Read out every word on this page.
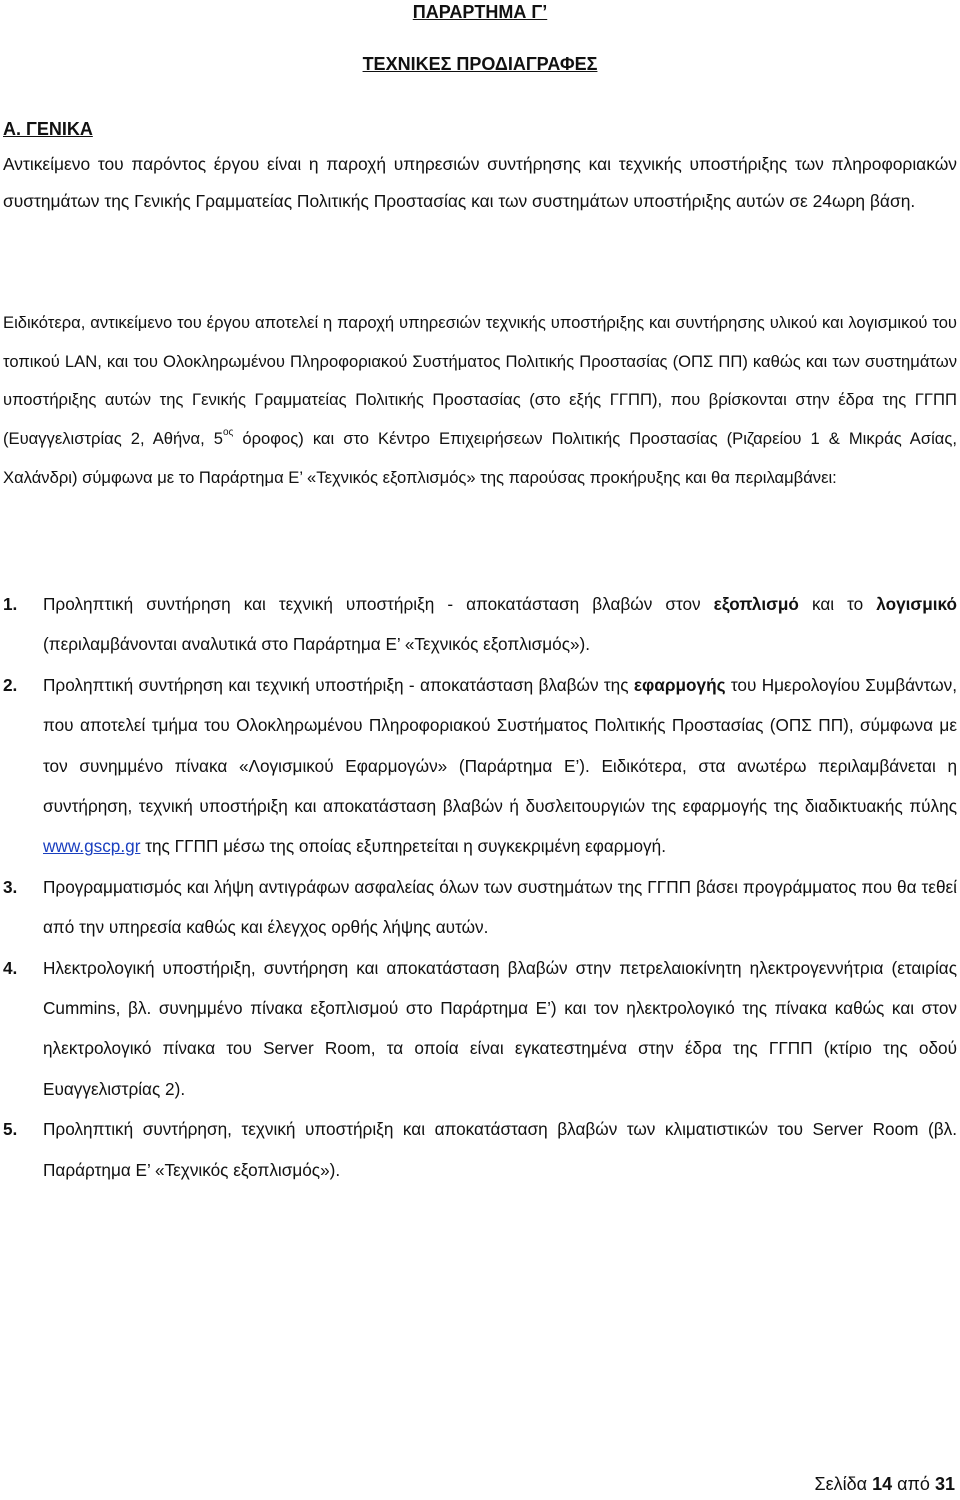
ΠΑΡΑΡΤΗΜΑ Γ’

ΤΕΧΝΙΚΕΣ ΠΡΟΔΙΑΓΡΑΦΕΣ

Α. ΓΕΝΙΚΑ

Αντικείμενο του παρόντος έργου είναι η παροχή υπηρεσιών συντήρησης και τεχνικής υποστήριξης των πληροφοριακών συστημάτων της Γενικής Γραμματείας Πολιτικής Προστασίας και των συστημάτων υποστήριξης αυτών σε 24ωρη βάση.

Ειδικότερα, αντικείμενο του έργου αποτελεί η παροχή υπηρεσιών τεχνικής υποστήριξης και συντήρησης υλικού και λογισμικού του τοπικού LAN, και του Ολοκληρωμένου Πληροφοριακού Συστήματος Πολιτικής Προστασίας (ΟΠΣ ΠΠ) καθώς και των συστημάτων υποστήριξης αυτών της Γενικής Γραμματείας Πολιτικής Προστασίας (στο εξής ΓΓΠΠ), που βρίσκονται στην έδρα της ΓΓΠΠ (Ευαγγελιστρίας 2, Αθήνα, $5^{o\varsigma}$ όροφος) και στο Κέντρο Επιχειρήσεων Πολιτικής Προστασίας (Ριζαρείου 1 & Μικράς Ασίας, Χαλάνδρι) σύμφωνα με το Παράρτημα Ε’ «Τεχνικός εξοπλισμός» της παρούσας προκήρυξης και θα περιλαμβάνει:

1. Προληπτική συντήρηση και τεχνική υποστήριξη - αποκατάσταση βλαβών στον εξοπλισμό και το λογισμικό (περιλαμβάνονται αναλυτικά στο Παράρτημα Ε’ «Τεχνικός εξοπλισμός»).
2. Προληπτική συντήρηση και τεχνική υποστήριξη - αποκατάσταση βλαβών της εφαρμογής του Ημερολογίου Συμβάντων, που αποτελεί τμήμα του Ολοκληρωμένου Πληροφοριακού Συστήματος Πολιτικής Προστασίας (ΟΠΣ ΠΠ), σύμφωνα με τον συνημμένο πίνακα «Λογισμικού Εφαρμογών» (Παράρτημα Ε’). Ειδικότερα, στα ανωτέρω περιλαμβάνεται η συντήρηση, τεχνική υποστήριξη και αποκατάσταση βλαβών ή δυσλειτουργιών της εφαρμογής της διαδικτυακής πύλης www.gscp.gr της ΓΓΠΠ μέσω της οποίας εξυπηρετείται η συγκεκριμένη εφαρμογή.
3. Προγραμματισμός και λήψη αντιγράφων ασφαλείας όλων των συστημάτων της ΓΓΠΠ βάσει προγράμματος που θα τεθεί από την υπηρεσία καθώς και έλεγχος ορθής λήψης αυτών.
4. Ηλεκτρολογική υποστήριξη, συντήρηση και αποκατάσταση βλαβών στην πετρελαιοκίνητη ηλεκτρογεννήτρια (εταιρίας Cummins, βλ. συνημμένο πίνακα εξοπλισμού στο Παράρτημα Ε’) και τον ηλεκτρολογικό της πίνακα καθώς και στον ηλεκτρολογικό πίνακα του Server Room, τα οποία είναι εγκατεστημένα στην έδρα της ΓΓΠΠ (κτίριο της οδού Ευαγγελιστρίας 2).
5. Προληπτική συντήρηση, τεχνική υποστήριξη και αποκατάσταση βλαβών των κλιματιστικών του Server Room (βλ. Παράρτημα Ε’ «Τεχνικός εξοπλισμός»).

Σελίδα 14 από 31
